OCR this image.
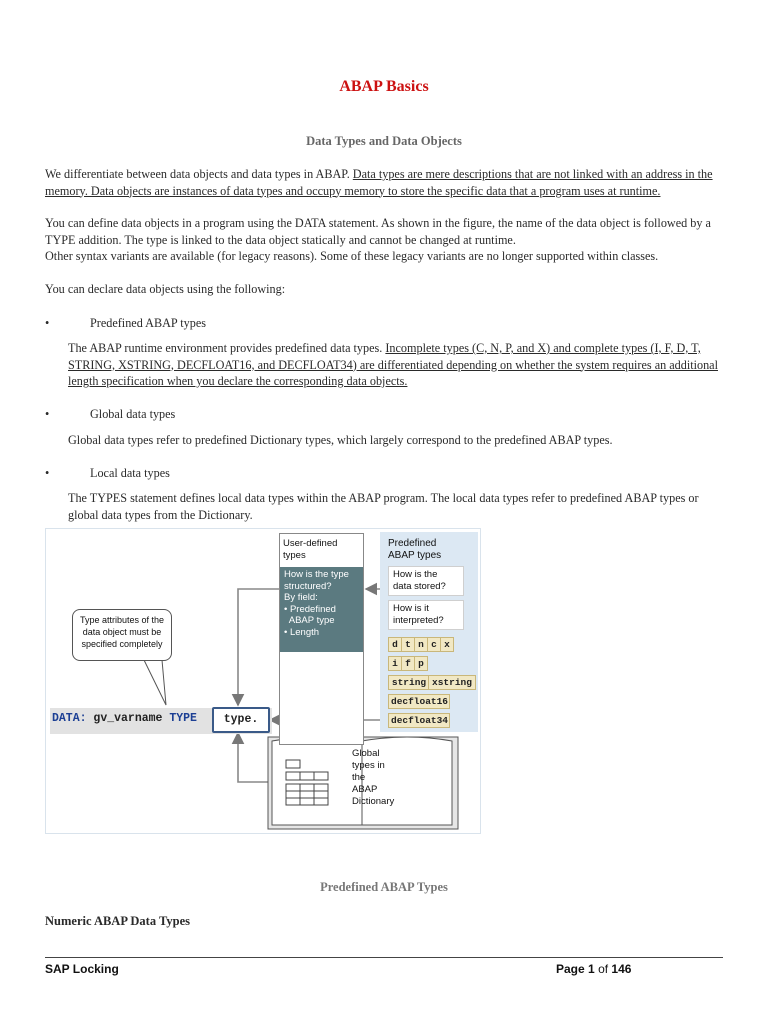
ABAP Basics
Data Types and Data Objects
We differentiate between data objects and data types in ABAP. Data types are mere descriptions that are not linked with an address in the memory. Data objects are instances of data types and occupy memory to store the specific data that a program uses at runtime.
You can define data objects in a program using the DATA statement. As shown in the figure, the name of the data object is followed by a TYPE addition. The type is linked to the data object statically and cannot be changed at runtime.
Other syntax variants are available (for legacy reasons). Some of these legacy variants are no longer supported within classes.
You can declare data objects using the following:
•	Predefined ABAP types
The ABAP runtime environment provides predefined data types. Incomplete types (C, N, P, and X) and complete types (I, F, D, T, STRING, XSTRING, DECFLOAT16, and DECFLOAT34) are differentiated depending on whether the system requires an additional length specification when you declare the corresponding data objects.
•	Global data types
Global data types refer to predefined Dictionary types, which largely correspond to the predefined ABAP types.
•	Local data types
The TYPES statement defines local data types within the ABAP program. The local data types refer to predefined ABAP types or global data types from the Dictionary.
Predefined
ABAP types
How is the
data stored?
How is it
interpreted?
d t n c x
i f p
string xstring
decfloat16
decfloat34
User-defined
types
How is the type
structured?
By field:
• Predefined
ABAP type
• Length
Type attributes of the
data object must be
specified completely
DATA: gv_varname TYPE	type.
Global
types in
the
ABAP
Dictionary
Predefined ABAP Types
Numeric ABAP Data Types
SAP Locking	Page 1 of 146
